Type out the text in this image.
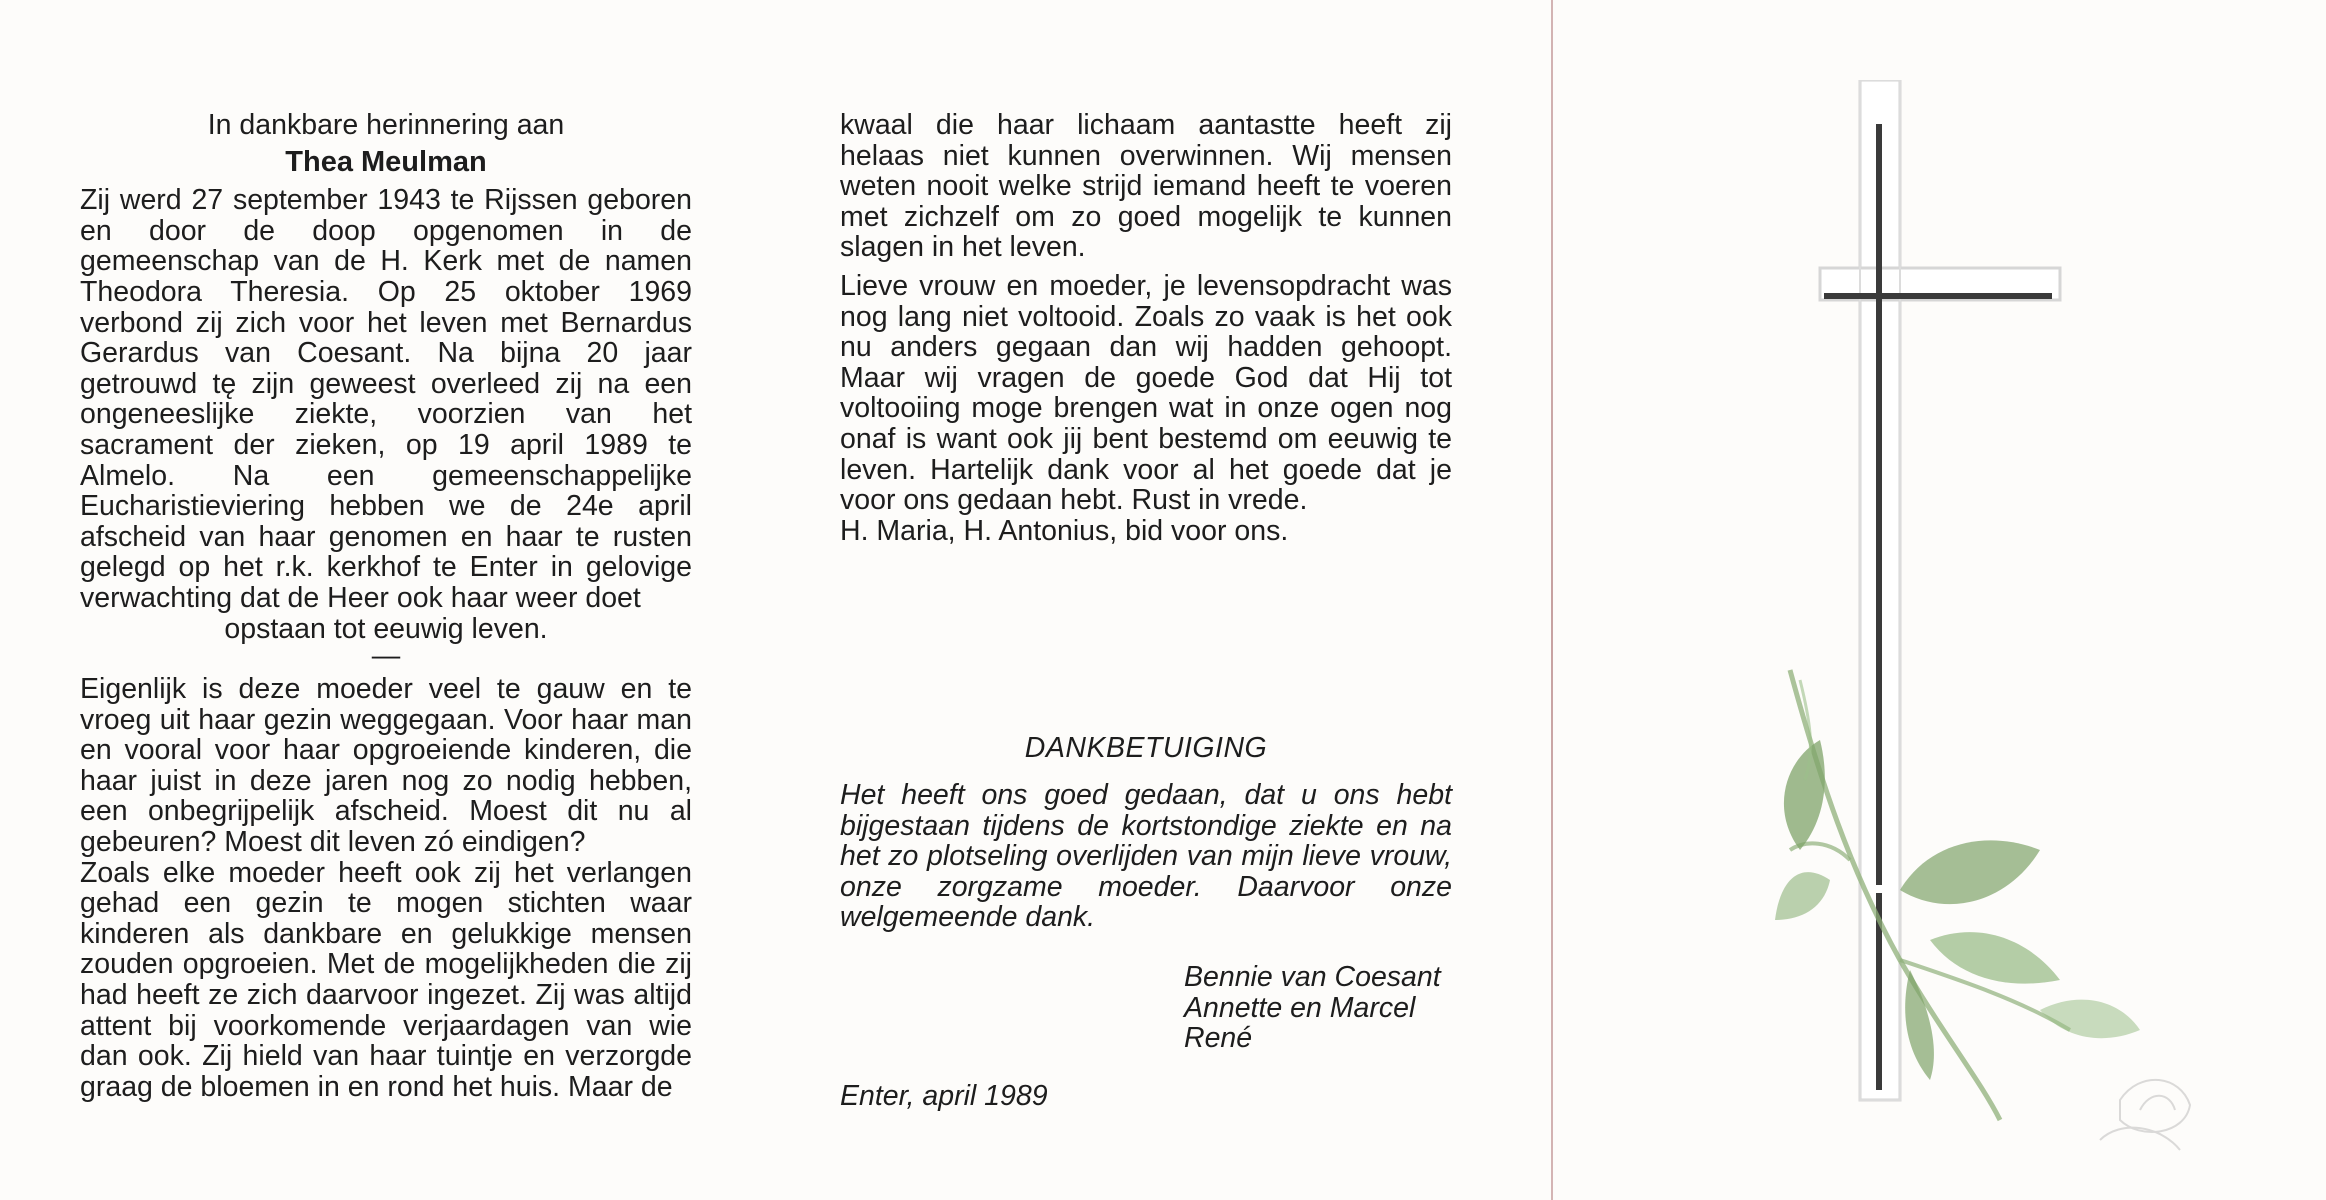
In dankbare herinnering aan
Thea Meulman

Zij werd 27 september 1943 te Rijssen geboren en door de doop opgenomen in de gemeenschap van de H. Kerk met de namen Theodora Theresia. Op 25 oktober 1969 verbond zij zich voor het leven met Bernardus Gerardus van Coesant. Na bijna 20 jaar getrouwd tę zijn geweest overleed zij na een ongeneeslijke ziekte, voorzien van het sacrament der zieken, op 19 april 1989 te Almelo. Na een gemeenschappelijke Eucharistieviering hebben we de 24e april afscheid van haar genomen en haar te rusten gelegd op het r.k. kerkhof te Enter in gelovige verwachting dat de Heer ook haar weer doet

opstaan tot eeuwig leven.
—

Eigenlijk is deze moeder veel te gauw en te vroeg uit haar gezin weggegaan. Voor haar man en vooral voor haar opgroeiende kinderen, die haar juist in deze jaren nog zo nodig hebben, een onbegrijpelijk afscheid. Moest dit nu al gebeuren? Moest dit leven zó eindigen?

Zoals elke moeder heeft ook zij het verlangen gehad een gezin te mogen stichten waar kinderen als dankbare en gelukkige mensen zouden opgroeien. Met de mogelijkheden die zij had heeft ze zich daarvoor ingezet. Zij was altijd attent bij voorkomende verjaardagen van wie dan ook. Zij hield van haar tuintje en verzorgde graag de bloemen in en rond het huis. Maar de

kwaal die haar lichaam aantastte heeft zij helaas niet kunnen overwinnen. Wij mensen weten nooit welke strijd iemand heeft te voeren met zichzelf om zo goed mogelijk te kunnen slagen in het leven.

Lieve vrouw en moeder, je levensopdracht was nog lang niet voltooid. Zoals zo vaak is het ook nu anders gegaan dan wij hadden gehoopt. Maar wij vragen de goede God dat Hij tot voltooiing moge brengen wat in onze ogen nog onaf is want ook jij bent bestemd om eeuwig te leven. Hartelijk dank voor al het goede dat je voor ons gedaan hebt. Rust in vrede.

H. Maria, H. Antonius, bid voor ons.
DANKBETUIGING
Het heeft ons goed gedaan, dat u ons hebt bijgestaan tijdens de kortstondige ziekte en na het zo plotseling overlijden van mijn lieve vrouw, onze zorgzame moeder. Daarvoor onze welgemeende dank.
Bennie van Coesant
Annette en Marcel
René
Enter, april 1989
